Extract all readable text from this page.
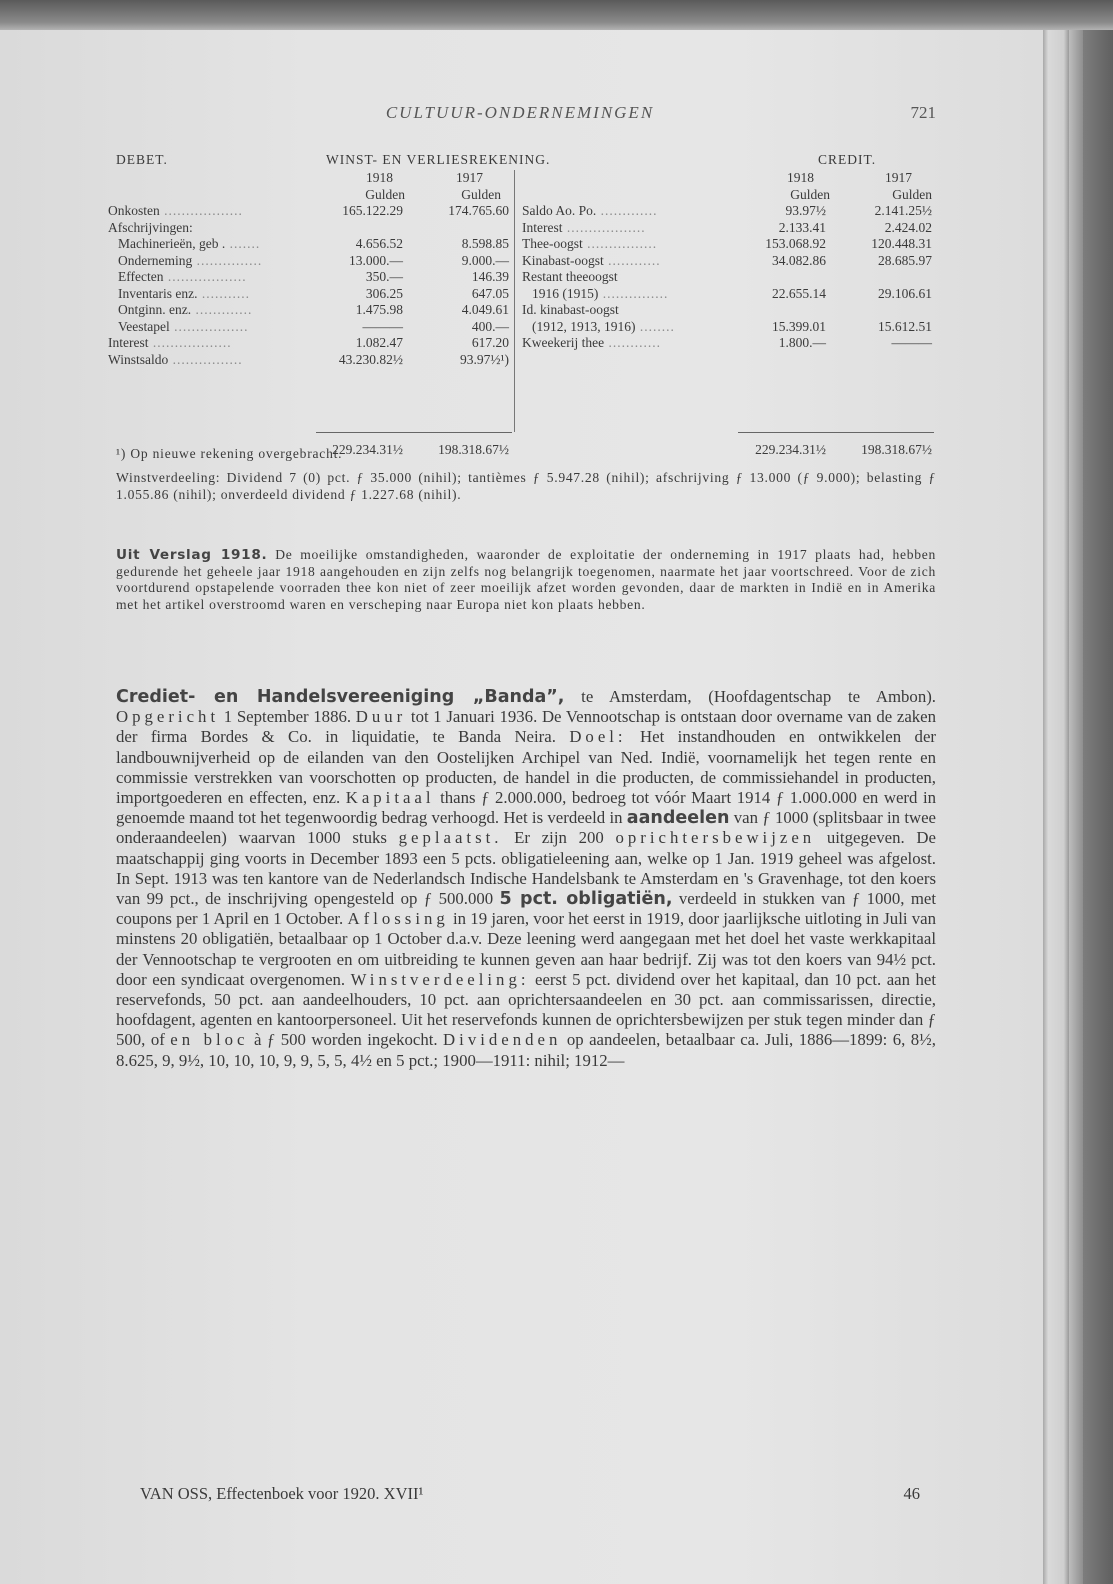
CULTUUR-ONDERNEMINGEN	721
DEBET.	WINST- EN VERLIESREKENING.	CREDIT.
1918	1917
Gulden	Gulden
Onkosten ..................	165.122.29	174.765.60
Afschrijvingen:
Machinerieën, geb . .......	4.656.52	8.598.85
Onderneming ...............	13.000.—	9.000.—
Effecten ..................	350.—	146.39
Inventaris enz. ...........	306.25	647.05
Ontginn. enz. .............	1.475.98	4.049.61
Veestapel .................	———	400.—
Interest ..................	1.082.47	617.20
Winstsaldo ................	43.230.82½	93.97½¹)
1918	1917
Gulden	Gulden
Saldo Ao. Po. .............	93.97½	2.141.25½
Interest ..................	2.133.41	2.424.02
Thee-oogst ................	153.068.92	120.448.31
Kinabast-oogst ............	34.082.86	28.685.97
Restant theeoogst
1916 (1915) ...............	22.655.14	29.106.61
Id. kinabast-oogst
(1912, 1913, 1916) ........	15.399.01	15.612.51
Kweekerij thee ............	1.800.—	———
229.234.31½	198.318.67½	229.234.31½	198.318.67½
¹) Op nieuwe rekening overgebracht.
Winstverdeeling: Dividend 7 (0) pct. ƒ 35.000 (nihil); tantièmes ƒ 5.947.28 (nihil); afschrijving ƒ 13.000 (ƒ 9.000); belasting ƒ 1.055.86 (nihil); onverdeeld dividend ƒ 1.227.68 (nihil).
Uit Verslag 1918. De moeilijke omstandigheden, waaronder de exploitatie der onderneming in 1917 plaats had, hebben gedurende het geheele jaar 1918 aangehouden en zijn zelfs nog belangrijk toegenomen, naarmate het jaar voortschreed. Voor de zich voortdurend opstapelende voorraden thee kon niet of zeer moeilijk afzet worden gevonden, daar de markten in Indië en in Amerika met het artikel overstroomd waren en verscheping naar Europa niet kon plaats hebben.
Crediet- en Handelsvereeniging „Banda”, te Amsterdam, (Hoofdagentschap te Ambon). Opgericht 1 September 1886. Duur tot 1 Januari 1936. De Vennootschap is ontstaan door overname van de zaken der firma Bordes & Co. in liquidatie, te Banda Neira. Doel: Het instandhouden en ontwikkelen der landbouwnijverheid op de eilanden van den Oostelijken Archipel van Ned. Indië, voornamelijk het tegen rente en commissie verstrekken van voorschotten op producten, de handel in die producten, de commissiehandel in producten, importgoederen en effecten, enz. Kapitaal thans ƒ 2.000.000, bedroeg tot vóór Maart 1914 ƒ 1.000.000 en werd in genoemde maand tot het tegenwoordig bedrag verhoogd. Het is verdeeld in aandeelen van ƒ 1000 (splitsbaar in twee onderaandeelen) waarvan 1000 stuks geplaatst. Er zijn 200 oprichtersbewijzen uitgegeven. De maatschappij ging voorts in December 1893 een 5 pcts. obligatieleening aan, welke op 1 Jan. 1919 geheel was afgelost. In Sept. 1913 was ten kantore van de Nederlandsch Indische Handelsbank te Amsterdam en 's Gravenhage, tot den koers van 99 pct., de inschrijving opengesteld op ƒ 500.000 5 pct. obligatiën, verdeeld in stukken van ƒ 1000, met coupons per 1 April en 1 October. Aflossing in 19 jaren, voor het eerst in 1919, door jaarlijksche uitloting in Juli van minstens 20 obligatiën, betaalbaar op 1 October d.a.v. Deze leening werd aangegaan met het doel het vaste werkkapitaal der Vennootschap te vergrooten en om uitbreiding te kunnen geven aan haar bedrijf. Zij was tot den koers van 94½ pct. door een syndicaat overgenomen. Winstverdeeling: eerst 5 pct. dividend over het kapitaal, dan 10 pct. aan het reservefonds, 50 pct. aan aandeelhouders, 10 pct. aan oprichtersaandeelen en 30 pct. aan commissarissen, directie, hoofdagent, agenten en kantoorpersoneel. Uit het reservefonds kunnen de oprichtersbewijzen per stuk tegen minder dan ƒ 500, of en bloc à ƒ 500 worden ingekocht. Dividenden op aandeelen, betaalbaar ca. Juli, 1886—1899: 6, 8½, 8.625, 9, 9½, 10, 10, 10, 9, 9, 5, 5, 4½ en 5 pct.; 1900—1911: nihil; 1912—
VAN OSS, Effectenboek voor 1920. XVII¹	46
